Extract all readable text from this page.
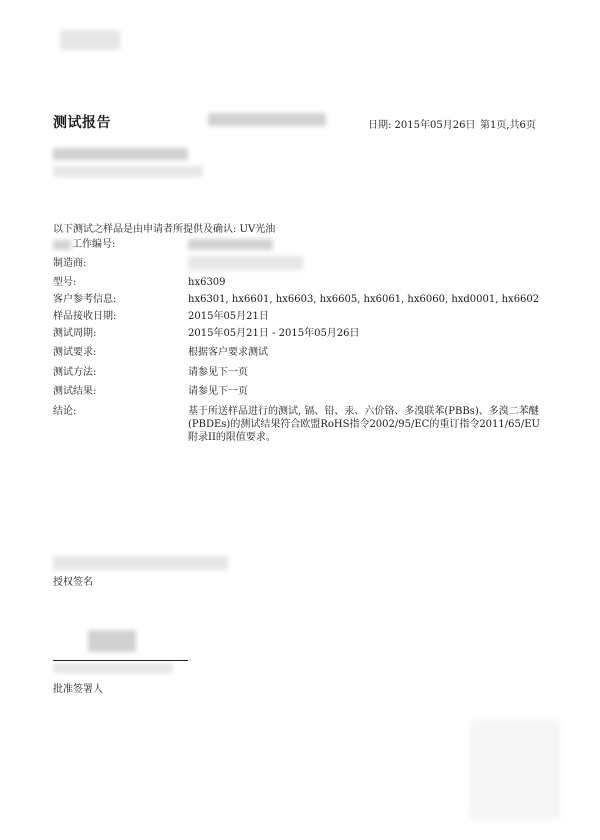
测试报告	日期: 2015年05月26日 第1页,共6页
以下测试之样品是由申请者所提供及确认: UV光油
工作编号:
制造商:
型号:	hx6309
客户参考信息:	hx6301, hx6601, hx6603, hx6605, hx6061, hx6060, hxd0001, hx6602
样品接收日期:	2015年05月21日
测试周期:	2015年05月21日 - 2015年05月26日
测试要求:	根据客户要求测试
测试方法:	请参见下一页
测试结果:	请参见下一页
结论:	基于所送样品进行的测试, 镉、铅、汞、六价铬、多溴联苯(PBBs)、多溴二苯醚(PBDEs)的测试结果符合欧盟RoHS指令2002/95/EC的重订指令2011/65/EU附录II的限值要求。
授权签名
批准签署人
